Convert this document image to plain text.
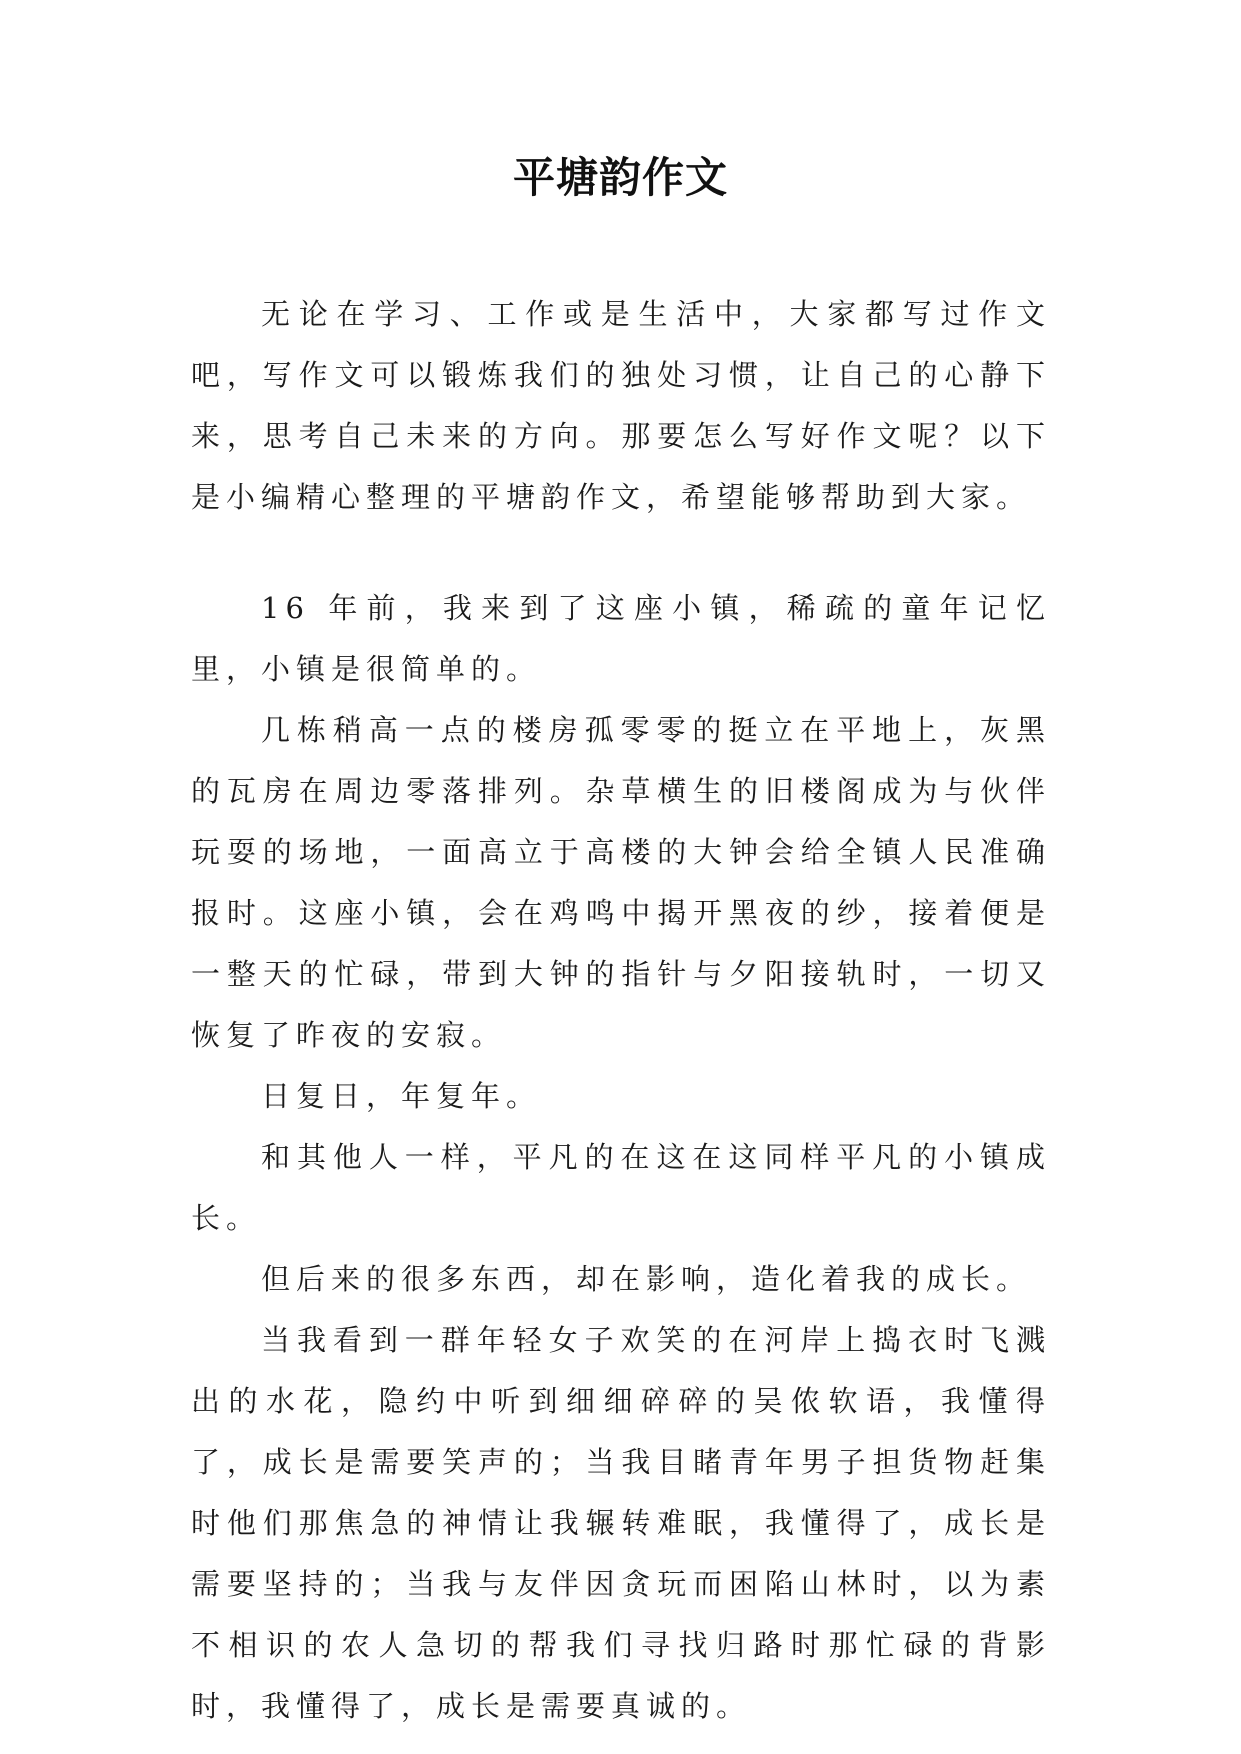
平塘韵作文

无论在学习、工作或是生活中，大家都写过作文吧，写作文可以锻炼我们的独处习惯，让自己的心静下来，思考自己未来的方向。那要怎么写好作文呢？以下是小编精心整理的平塘韵作文，希望能够帮助到大家。

16 年前，我来到了这座小镇，稀疏的童年记忆里，小镇是很简单的。

几栋稍高一点的楼房孤零零的挺立在平地上，灰黑的瓦房在周边零落排列。杂草横生的旧楼阁成为与伙伴玩耍的场地，一面高立于高楼的大钟会给全镇人民准确报时。这座小镇，会在鸡鸣中揭开黑夜的纱，接着便是一整天的忙碌，带到大钟的指针与夕阳接轨时，一切又恢复了昨夜的安寂。

日复日，年复年。

和其他人一样，平凡的在这在这同样平凡的小镇成长。

但后来的很多东西，却在影响，造化着我的成长。

当我看到一群年轻女子欢笑的在河岸上捣衣时飞溅出的水花，隐约中听到细细碎碎的吴侬软语，我懂得了，成长是需要笑声的；当我目睹青年男子担货物赶集时他们那焦急的神情让我辗转难眠，我懂得了，成长是需要坚持的；当我与友伴因贪玩而困陷山林时，以为素不相识的农人急切的帮我们寻找归路时那忙碌的背影时，我懂得了，成长是需要真诚的。
